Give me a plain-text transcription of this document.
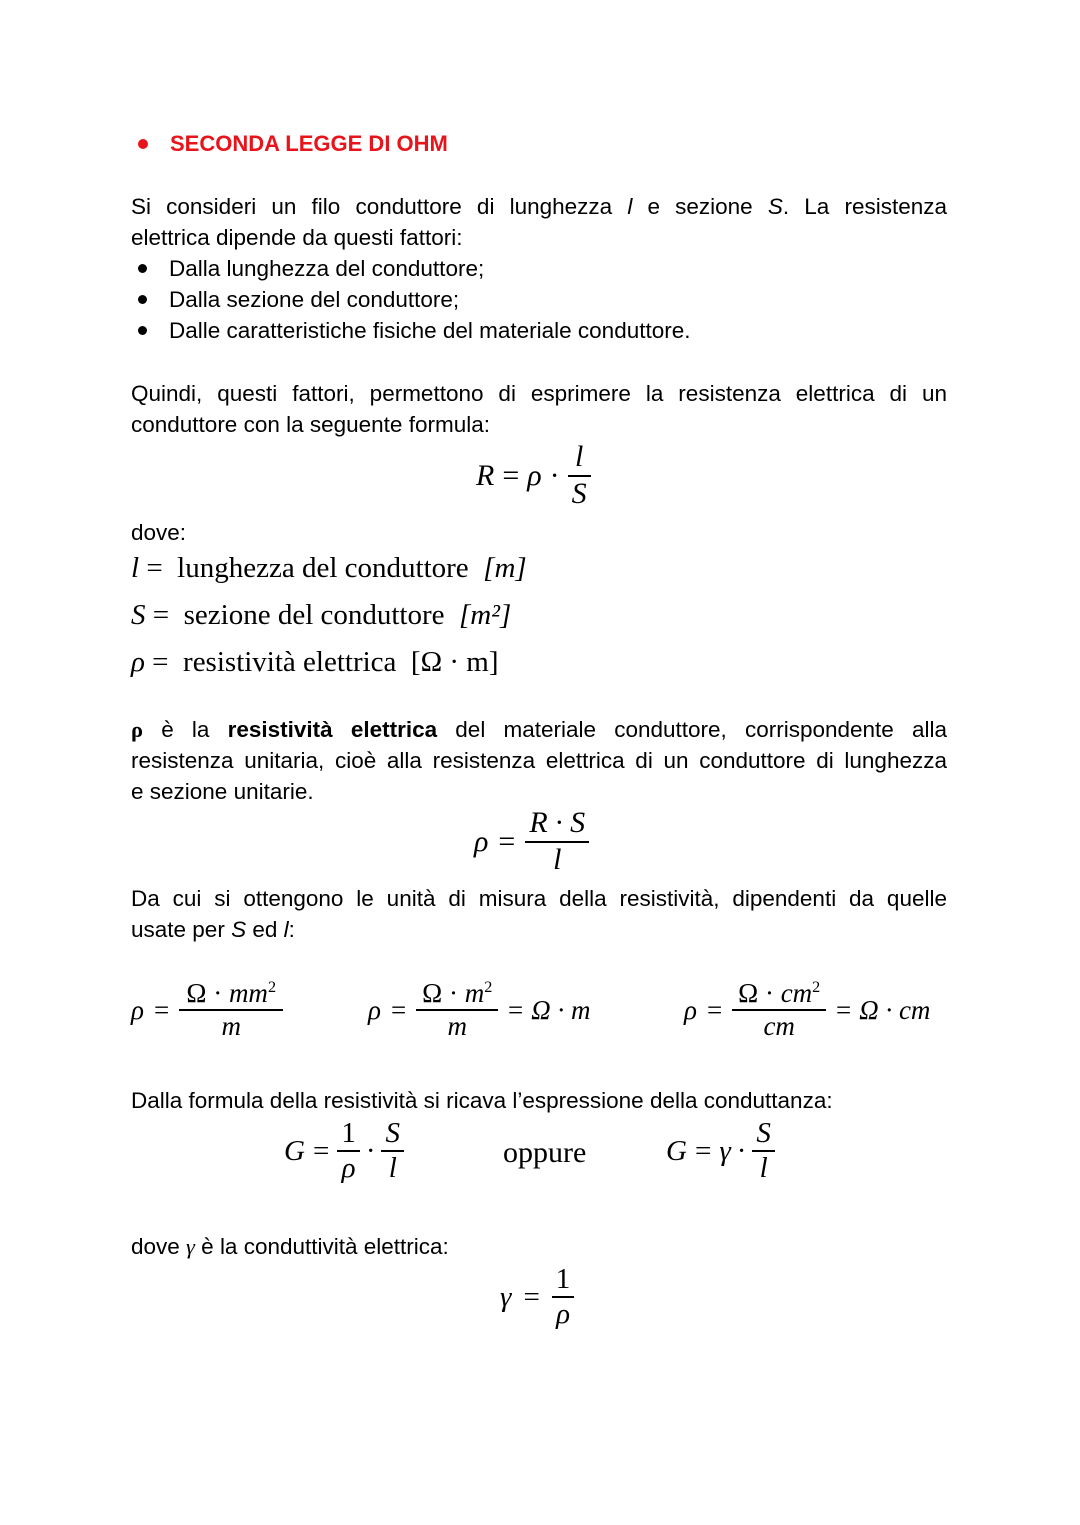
SECONDA LEGGE DI OHM
Si consideri un filo conduttore di lunghezza l e sezione S. La resistenza
elettrica dipende da questi fattori:
Dalla lunghezza del conduttore;
Dalla sezione del conduttore;
Dalle caratteristiche fisiche del materiale conduttore.
Quindi, questi fattori, permettono di esprimere la resistenza elettrica di un
conduttore con la seguente formula:
$R = \rho \cdot \frac{l}{S}$
dove:
l = lunghezza del conduttore [m]
S = sezione del conduttore [m²]
ρ = resistività elettrica [Ω · m]
ρ è la resistività elettrica del materiale conduttore, corrispondente alla
resistenza unitaria, cioè alla resistenza elettrica di un conduttore di lunghezza
e sezione unitarie.
$\rho = \frac{R \cdot S}{l}$
Da cui si ottengono le unità di misura della resistività, dipendenti da quelle
usate per S ed l:
$\rho = \frac{\Omega \cdot mm^2}{m}$	$\rho = \frac{\Omega \cdot m^2}{m} = \Omega \cdot m$	$\rho = \frac{\Omega \cdot cm^2}{cm} = \Omega$ · cm
Dalla formula della resistività si ricava l’espressione della conduttanza:
$G = \frac{1}{\rho} \cdot \frac{S}{l}$	oppure	$G = \gamma \cdot \frac{S}{l}$
dove γ è la conduttività elettrica:
$\gamma = \frac{1}{\rho}$
